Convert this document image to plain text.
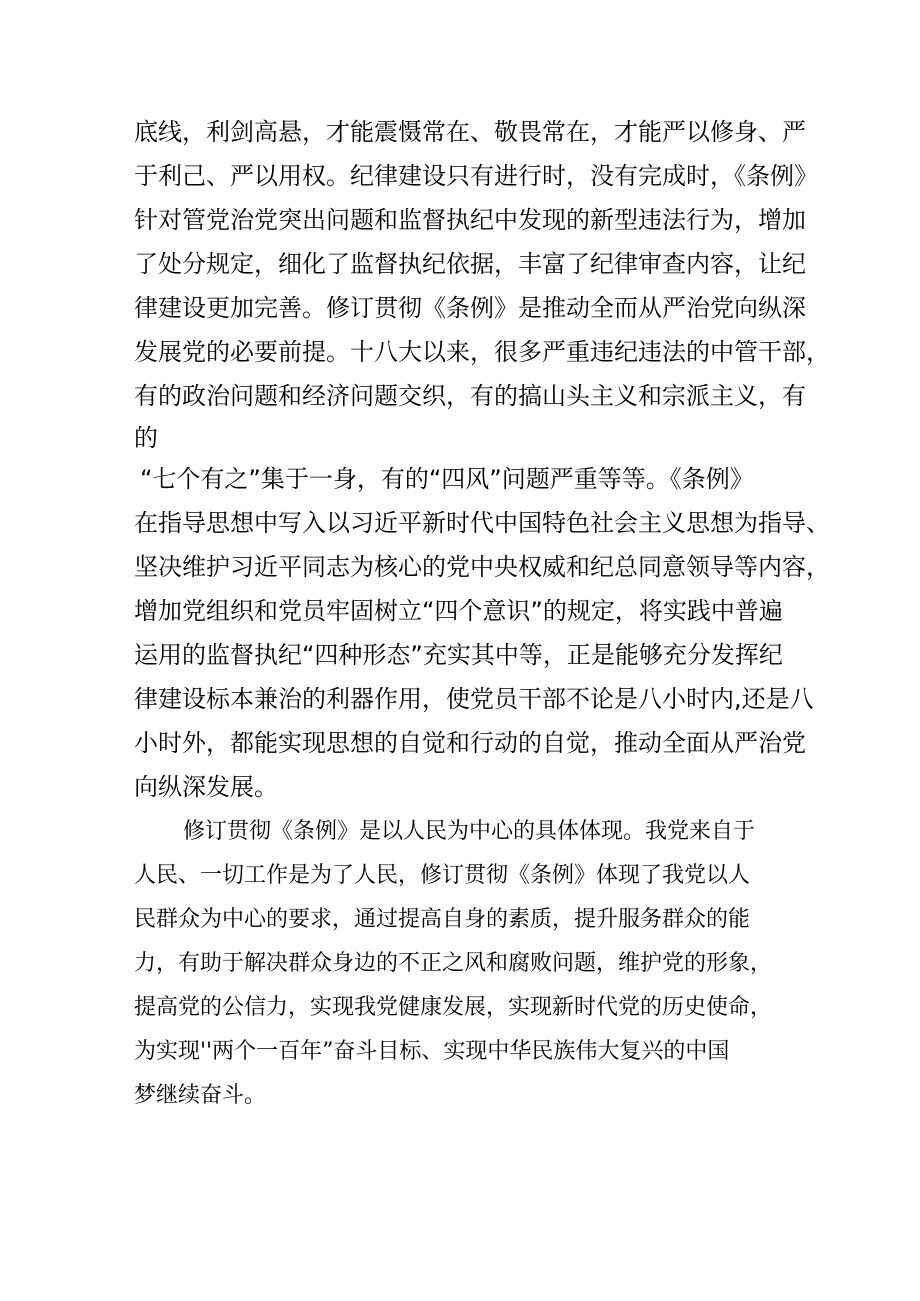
底线，利剑高悬，才能震慑常在、敬畏常在，才能严以修身、严
于利己、严以用权。纪律建设只有进行时，没有完成时，《条例》
针对管党治党突出问题和监督执纪中发现的新型违法行为，增加
了处分规定，细化了监督执纪依据，丰富了纪律审查内容，让纪
律建设更加完善。修订贯彻《条例》是推动全而从严治党向纵深
发展党的必要前提。十八大以来，很多严重违纪违法的中管干部，
有的政治问题和经济问题交织，有的搞山头主义和宗派主义，有
的
“七个有之”集于一身，有的“四风”问题严重等等。《条例》
在指导思想中写入以习近平新时代中国特色社会主义思想为指导、
坚决维护习近平同志为核心的党中央权威和纪总同意领导等内容，
增加党组织和党员牢固树立“四个意识”的规定，将实践中普遍
运用的监督执纪“四种形态”充实其中等，正是能够充分发挥纪
律建设标本兼治的利器作用，使党员干部不论是八小时内,还是八
小时外，都能实现思想的自觉和行动的自觉，推动全面从严治党
向纵深发展。
修订贯彻《条例》是以人民为中心的具体体现。我党来自于
人民、一切工作是为了人民，修订贯彻《条例》体现了我党以人
民群众为中心的要求，通过提高自身的素质，提升服务群众的能
力，有助于解决群众身边的不正之风和腐败问题，维护党的形象，
提高党的公信力，实现我党健康发展，实现新时代党的历史使命，
为实现''两个一百年”奋斗目标、实现中华民族伟大复兴的中国
梦继续奋斗。
